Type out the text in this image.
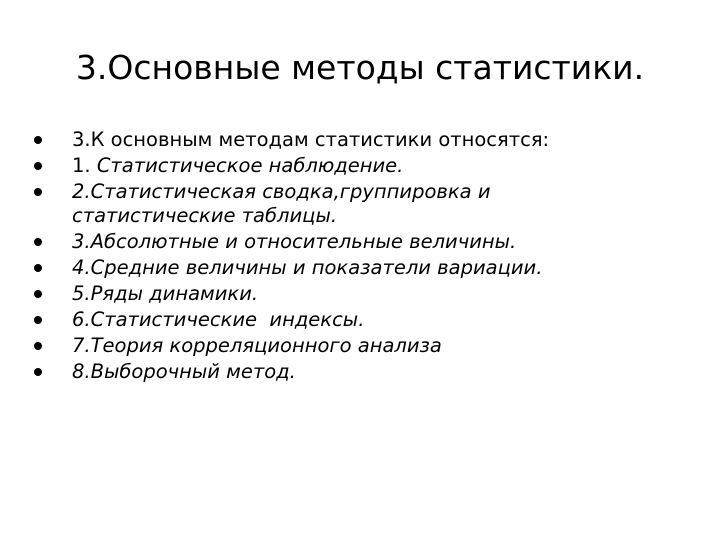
3.Основные методы статистики.
3.К основным методам статистики относятся:
1. Статистическое наблюдение.
2.Статистическая сводка,группировка и
статистические таблицы.
3.Абсолютные и относительные величины.
4.Средние величины и показатели вариации.
5.Ряды динамики.
6.Статистические  индексы.
7.Теория корреляционного анализа
8.Выборочный метод.
